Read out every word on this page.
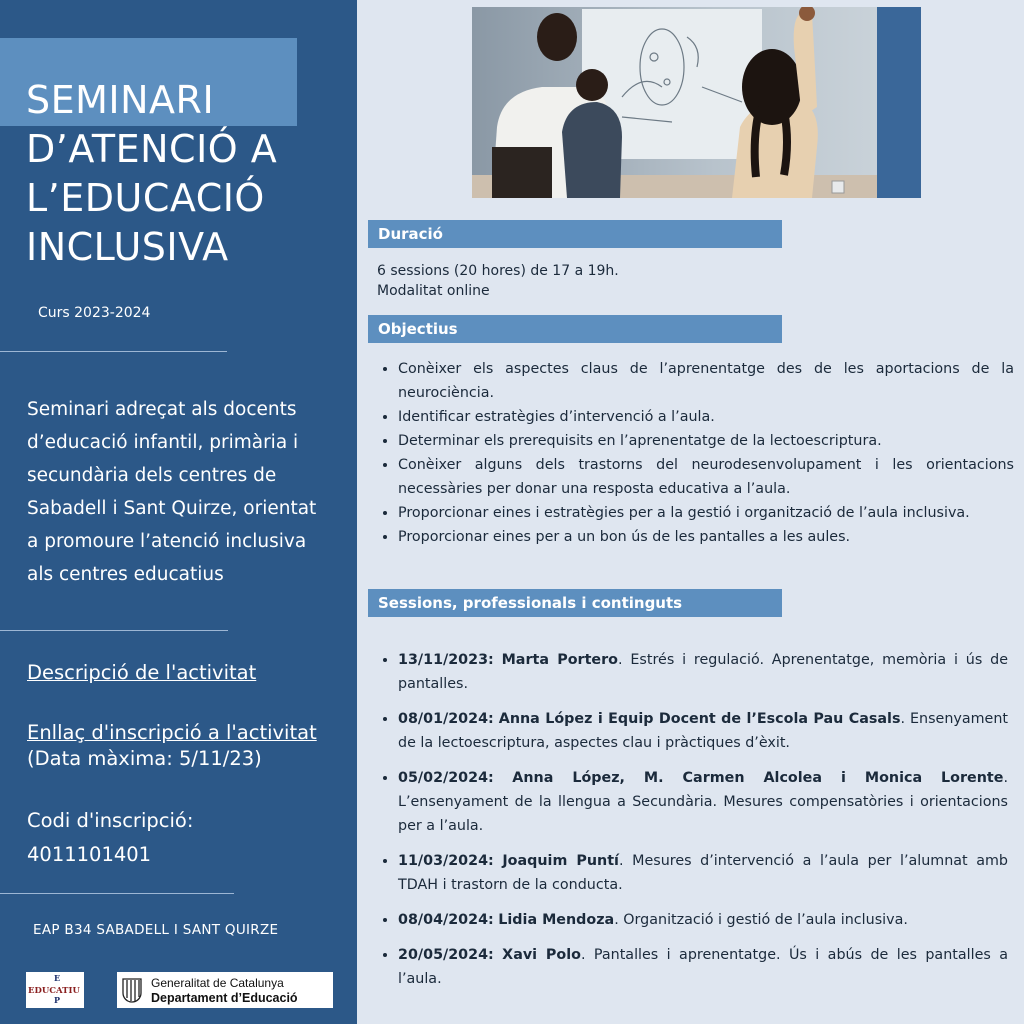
SEMINARI
D’ATENCIÓ A
L’EDUCACIÓ
INCLUSIVA
Curs 2023-2024

Seminari adreçat als docents d’educació infantil, primària i secundària dels centres de Sabadell i Sant Quirze, orientat a promoure l’atenció inclusiva als centres educatius

Descripció de l'activitat
Enllaç d'inscripció a l'activitat
(Data màxima: 5/11/23)
Codi d'inscripció:
4011101401
EAP B34 SABADELL I SANT QUIRZE
EDUCATIU
E
P
Generalitat de Catalunya
Departament d’Educació
Duració
6 sessions (20 hores) de 17 a 19h.
Modalitat online
Objectius
• Conèixer els aspectes claus de l’aprenentatge des de les aportacions de la neurociència.
• Identificar estratègies d’intervenció a l’aula.
• Determinar els prerequisits en l’aprenentatge de la lectoescriptura.
• Conèixer alguns dels trastorns del neurodesenvolupament i les orientacions necessàries per donar una resposta educativa a l’aula.
• Proporcionar eines i estratègies per a la gestió i organització de l’aula inclusiva.
• Proporcionar eines per a un bon ús de les pantalles a les aules.
Sessions, professionals i continguts
• 13/11/2023: Marta Portero. Estrés i regulació. Aprenentatge, memòria i ús de pantalles.
• 08/01/2024: Anna López i Equip Docent de l’Escola Pau Casals. Ensenyament de la lectoescriptura, aspectes clau i pràctiques d’èxit.
• 05/02/2024: Anna López, M. Carmen Alcolea i Monica Lorente. L’ensenyament de la llengua a Secundària. Mesures compensatòries i orientacions per a l’aula.
• 11/03/2024: Joaquim Puntí. Mesures d’intervenció a l’aula per l’alumnat amb TDAH i trastorn de la conducta.
• 08/04/2024: Lidia Mendoza. Organització i gestió de l’aula inclusiva.
• 20/05/2024: Xavi Polo. Pantalles i aprenentatge. Ús i abús de les pantalles a l’aula.
